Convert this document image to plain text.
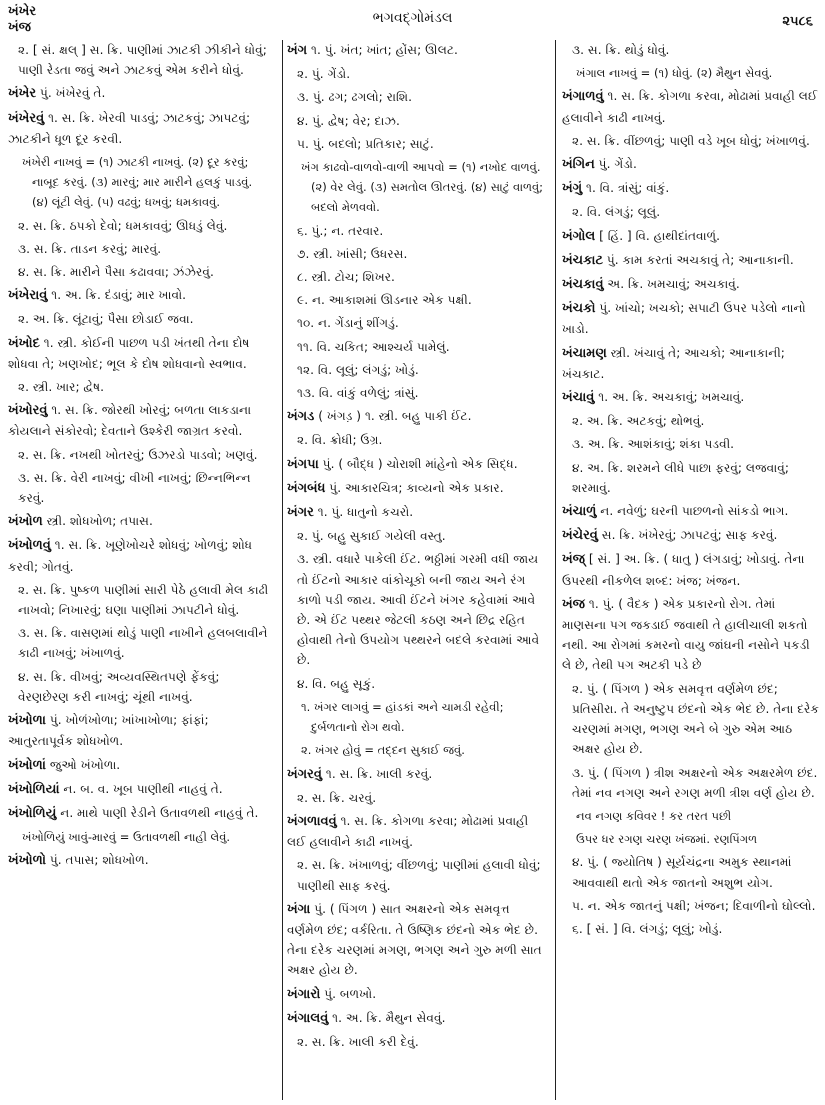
ખંખેર
ખંજ
ભગવદ્ગોમંડલ	૨૫૮૬

૨. [ સં. ક્ષલ્ ] સ. ક્રિ. પાણીમાં ઝાટકી ઝીકીને ધોવું; પાણી રેડતા જવું અને ઝાટકવું એમ કરીને ધોવું.

ખંખેર પું. ખંખેરવું તે.

ખંખેરવું ૧. સ. ક્રિ. ખેરવી પાડવું; ઝાટકવું; ઝાપટવું; ઝાટકીને ધૂળ દૂર કરવી.

ખંખેરી નાખવું = (૧) ઝાટકી નાખવું. (૨) દૂર કરવું; નાબૂદ કરવું. (૩) મારવું; માર મારીને હલકું પાડવું. (૪) લૂંટી લેવું. (૫) વઢવું; ધખવું; ધમકાવવું.

૨. સ. ક્રિ. ઠપકો દેવો; ધમકાવવું; ઊધડું લેવું.

૩. સ. ક્રિ. તાડન કરવું; મારવું.

૪. સ. ક્રિ. મારીને પૈસા કઢાવવા; ઝંઝેરવું.

ખંખેરાવું ૧. અ. ક્રિ. દંડાવું; માર ખાવો.

૨. અ. ક્રિ. લૂંટાવું; પૈસા છોડાઈ જવા.

ખંખોદ ૧. સ્ત્રી. કોઈની પાછળ પડી ખંતથી તેના દોષ શોધવા તે; ખણખોદ; ભૂલ કે દોષ શોધવાનો સ્વભાવ.

૨. સ્ત્રી. ખાર; દ્વેષ.

ખંખોરવું ૧. સ. ક્રિ. જોરથી ખોરવું; બળતા લાકડાના કોયલાને સંકોરવો; દેવતાને ઉશ્કેરી જાગ્રત કરવો.

૨. સ. ક્રિ. નખથી ખોતરવું; ઉઝરડો પાડવો; ખણવું.

૩. સ. ક્રિ. વેરી નાખવું; વીખી નાખવું; છિન્નભિન્ન કરવું.

ખંખોળ સ્ત્રી. શોધખોળ; તપાસ.

ખંખોળવું ૧. સ. ક્રિ. ખૂણેખોચરે શોધવું; ખોળવું; શોધ કરવી; ગોતવું.

૨. સ. ક્રિ. પુષ્કળ પાણીમાં સારી પેઠે હલાવી મેલ કાઢી નાખવો; નિખારવું; ઘણા પાણીમાં ઝાપટીને ધોવું.

૩. સ. ક્રિ. વાસણમાં થોડું પાણી નાખીને હલબલાવીને કાઢી નાખવું; ખંખાળવું.

૪. સ. ક્રિ. વીખવું; અવ્યવસ્થિતપણે ફેંકવું; વેરણછેરણ કરી નાખવું; ચૂંથી નાખવું.

ખંખોળા પું. ખોળંખોળા; ખાંખાખોળા; ફાંફાં; આતુરતાપૂર્વક શોધખોળ.

ખંખોળાં જુઓ ખંખોળા.

ખંખોળિયાં ન. બ. વ. ખૂબ પાણીથી નાહવું તે.

ખંખોળિયું ન. માથે પાણી રેડીને ઉતાવળથી નાહવું તે.

ખંખોળિયું ખાવું-મારવું = ઉતાવળથી નાહી લેવું.

ખંખોળો પું. તપાસ; શોધખોળ.

ખંગ ૧. પું. ખંત; ખાંત; હોંસ; ઊલટ.

૨. પું. ગેંડો.

૩. પું. ઢગ; ઢગલો; રાશિ.

૪. પું. દ્વેષ; વેર; દાઝ.

૫. પું. બદલો; પ્રતિકાર; સાટું.

ખંગ કાઢવો-વાળવો-વાળી આપવો = (૧) નખોદ વાળવું. (૨) વેર લેવું. (૩) સમતોલ ઊતરવું. (૪) સાટું વાળવું; બદલો મેળવવો.

૬. પું.; ન. તરવાર.

૭. સ્ત્રી. ખાંસી; ઉધરસ.

૮. સ્ત્રી. ટોચ; શિખર.

૯. ન. આકાશમાં ઊડનાર એક પક્ષી.

૧૦. ન. ગેંડાનું શીંગડું.

૧૧. વિ. ચકિત; આશ્ચર્ય પામેલું.

૧૨. વિ. લૂલું; લંગડું; ખોડું.

૧૩. વિ. વાંકું વળેલું; ત્રાંસું.

ખંગડ ( ખંગડ઼ ) ૧. સ્ત્રી. બહુ પાકી ઈંટ.

૨. વિ. ક્રોધી; ઉગ્ર.

ખંગપા પું. ( બૌદ્ધ ) ચોરાશી માંહેનો એક સિદ્ધ.

ખંગબંધ પું. આકારચિત્ર; કાવ્યનો એક પ્રકાર.

ખંગર ૧. પું. ધાતુનો કચરો.

૨. પું. બહુ સુકાઈ ગયેલી વસ્તુ.

૩. સ્ત્રી. વધારે પાકેલી ઈંટ. ભઠ્ઠીમાં ગરમી વધી જાય તો ઈંટનો આકાર વાંકોચૂકો બની જાય અને રંગ કાળો પડી જાય. આવી ઈંટને ખંગર કહેવામાં આવે છે. એ ઈંટ પથ્થર જેટલી કઠણ અને છિદ્ર રહિત હોવાથી તેનો ઉપયોગ પથ્થરને બદલે કરવામાં આવે છે.

૪. વિ. બહુ સૂકું.

૧. ખંગર લાગવું = હાંડકાં અને ચામડી રહેવી; દુર્બળતાનો રોગ થવો.

૨. ખંગર હોવું = તદ્દન સુકાઈ જવું.

ખંગરવું ૧. સ. ક્રિ. ખાલી કરવું.

૨. સ. ક્રિ. ચરવું.

ખંગળાવવું ૧. સ. ક્રિ. કોગળા કરવા; મોઢામાં પ્રવાહી લઈ હલાવીને કાઢી નાખવું.

૨. સ. ક્રિ. ખંખાળવું; વીંછળવું; પાણીમાં હલાવી ધોવું; પાણીથી સાફ કરવું.

ખંગા પું. ( પિંગળ ) સાત અક્ષરનો એક સમવૃત્ત વર્ણમેળ છંદ; વર્કરિતા. તે ઉષ્ણિક છંદનો એક ભેદ છે. તેના દરેક ચરણમાં મગણ, ભગણ અને ગુરુ મળી સાત અક્ષર હોય છે.

ખંગારો પું. બળખો.

ખંગાલવું ૧. અ. ક્રિ. મૈથુન સેવવું.

૨. સ. ક્રિ. ખાલી કરી દેવું.

૩. સ. ક્રિ. થોડું ધોવું.

ખંગાલ નાખવું = (૧) ધોવું. (૨) મૈથુન સેવવું.

ખંગાળવું ૧. સ. ક્રિ. કોગળા કરવા, મોઢામાં પ્રવાહી લઈ હલાવીને કાઢી નાખવું.

૨. સ. ક્રિ. વીંછળવું; પાણી વડે ખૂબ ધોવું; ખંખાળવું.

ખંગિન પું. ગેંડો.

ખંગું ૧. વિ. ત્રાંસું; વાંકું.

૨. વિ. લંગડું; લૂલું.

ખંગોલ [ હિં. ] વિ. હાથીદાંતવાળું.

ખંચકાટ પું. કામ કરતાં અચકાવું તે; આનાકાની.

ખંચકાવું અ. ક્રિ. ખમચાવું; અચકાવું.

ખંચકો પું. ખાંચો; ખચકો; સપાટી ઉપર પડેલો નાનો ખાડો.

ખંચામણ સ્ત્રી. ખંચાવું તે; આચકો; આનાકાની; ખંચકાટ.

ખંચાવું ૧. અ. ક્રિ. અચકાવું; ખમચાવું.

૨. અ. ક્રિ. અટકવું; થોભવું.

૩. અ. ક્રિ. આશંકાવું; શંકા પડવી.

૪. અ. ક્રિ. શરમને લીધે પાછા ફરવું; લજવાવું; શરમાવું.

ખંચાળું ન. નવેળું; ઘરની પાછળનો સાંકડો ભાગ.

ખંચેરવું સ. ક્રિ. ખંખેરવું; ઝાપટવું; સાફ કરવું.

ખંજ્ [ સં. ] અ. ક્રિ. ( ધાતુ ) લંગડાવું; ખોડાવું. તેના ઉપરથી નીકળેલ શબ્દ: ખંજ; ખંજન.

ખંજ ૧. પું. ( વૈદક ) એક પ્રકારનો રોગ. તેમાં માણસના પગ જકડાઈ જવાથી તે હાલીચાલી શકતો નથી. આ રોગમાં કમરનો વાયુ જાંઘની નસોને પકડી લે છે, તેથી પગ અટકી પડે છે

૨. પું. ( પિંગળ ) એક સમવૃત્ત વર્ણમેળ છંદ; પ્રતિસીરા. તે અનુષ્ટુપ છંદનો એક ભેદ છે. તેના દરેક ચરણમાં મગણ, ભગણ અને બે ગુરુ એમ આઠ અક્ષર હોય છે.

૩. પું. ( પિંગળ ) ત્રીશ અક્ષરનો એક અક્ષરમેળ છંદ. તેમાં નવ નગણ અને રગણ મળી ત્રીશ વર્ણ હોય છે.

નવ નગણ કવિવર ! કર તરત પછી

ઉપર ધર રગણ ચરણ ખંજમાં. રણપિંગળ

૪. પું. ( જ્યોતિષ ) સૂર્યચંદ્રના અમુક સ્થાનમાં આવવાથી થતો એક જાતનો અશુભ યોગ.

૫. ન. એક જાતનું પક્ષી; ખંજન; દિવાળીનો ઘોલ્લો.

૬. [ સં. ] વિ. લંગડું; લૂલું; ખોડું.
